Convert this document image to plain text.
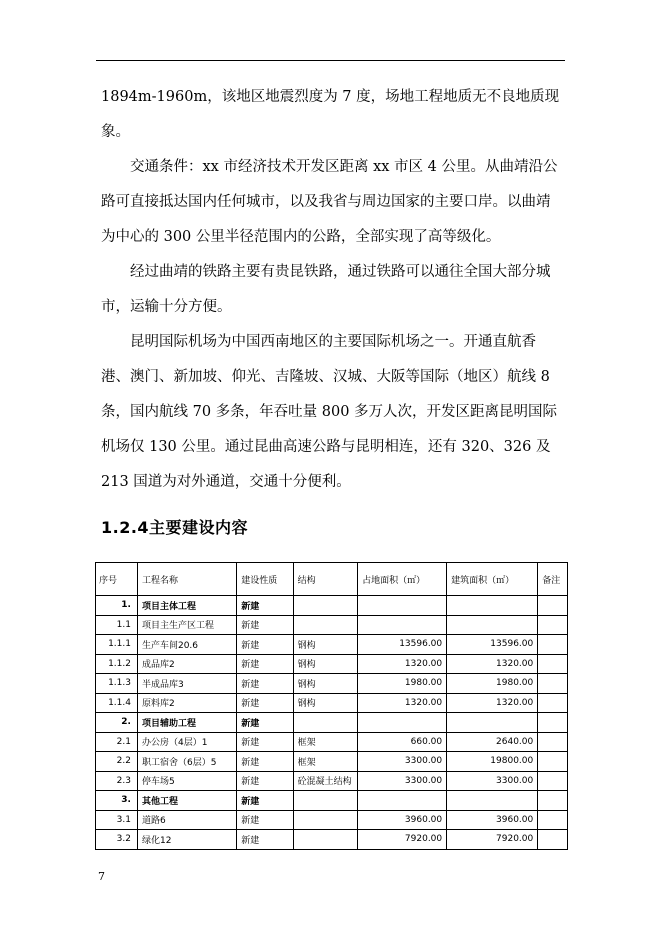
1894m-1960m，该地区地震烈度为 7 度，场地工程地质无不良地质现象。

交通条件：xx 市经济技术开发区距离 xx 市区 4 公里。从曲靖沿公路可直接抵达国内任何城市，以及我省与周边国家的主要口岸。以曲靖为中心的 300 公里半径范围内的公路，全部实现了高等级化。

经过曲靖的铁路主要有贵昆铁路，通过铁路可以通往全国大部分城市，运输十分方便。

昆明国际机场为中国西南地区的主要国际机场之一。开通直航香港、澳门、新加坡、仰光、吉隆坡、汉城、大阪等国际（地区）航线 8 条，国内航线 70 多条，年吞吐量 800 多万人次，开发区距离昆明国际机场仅 130 公里。通过昆曲高速公路与昆明相连，还有 320、326 及 213 国道为对外通道，交通十分便利。

1.2.4主要建设内容
序号	工程名称	建设性质	结构	占地面积（㎡）	建筑面积（㎡）	备注
1.	项目主体工程	新建				
1.1	项目主生产区工程	新建				
1.1.1	生产车间20.6	新建	钢构	13596.00	13596.00	
1.1.2	成品库2	新建	钢构	1320.00	1320.00	
1.1.3	半成品库3	新建	钢构	1980.00	1980.00	
1.1.4	原料库2	新建	钢构	1320.00	1320.00	
2.	项目辅助工程	新建				
2.1	办公房（4层）1	新建	框架	660.00	2640.00	
2.2	职工宿舍（6层）5	新建	框架	3300.00	19800.00	
2.3	停车场5	新建	砼混凝土结构	3300.00	3300.00	
3.	其他工程	新建				
3.1	道路6	新建		3960.00	3960.00	
3.2	绿化12	新建		7920.00	7920.00	
7
